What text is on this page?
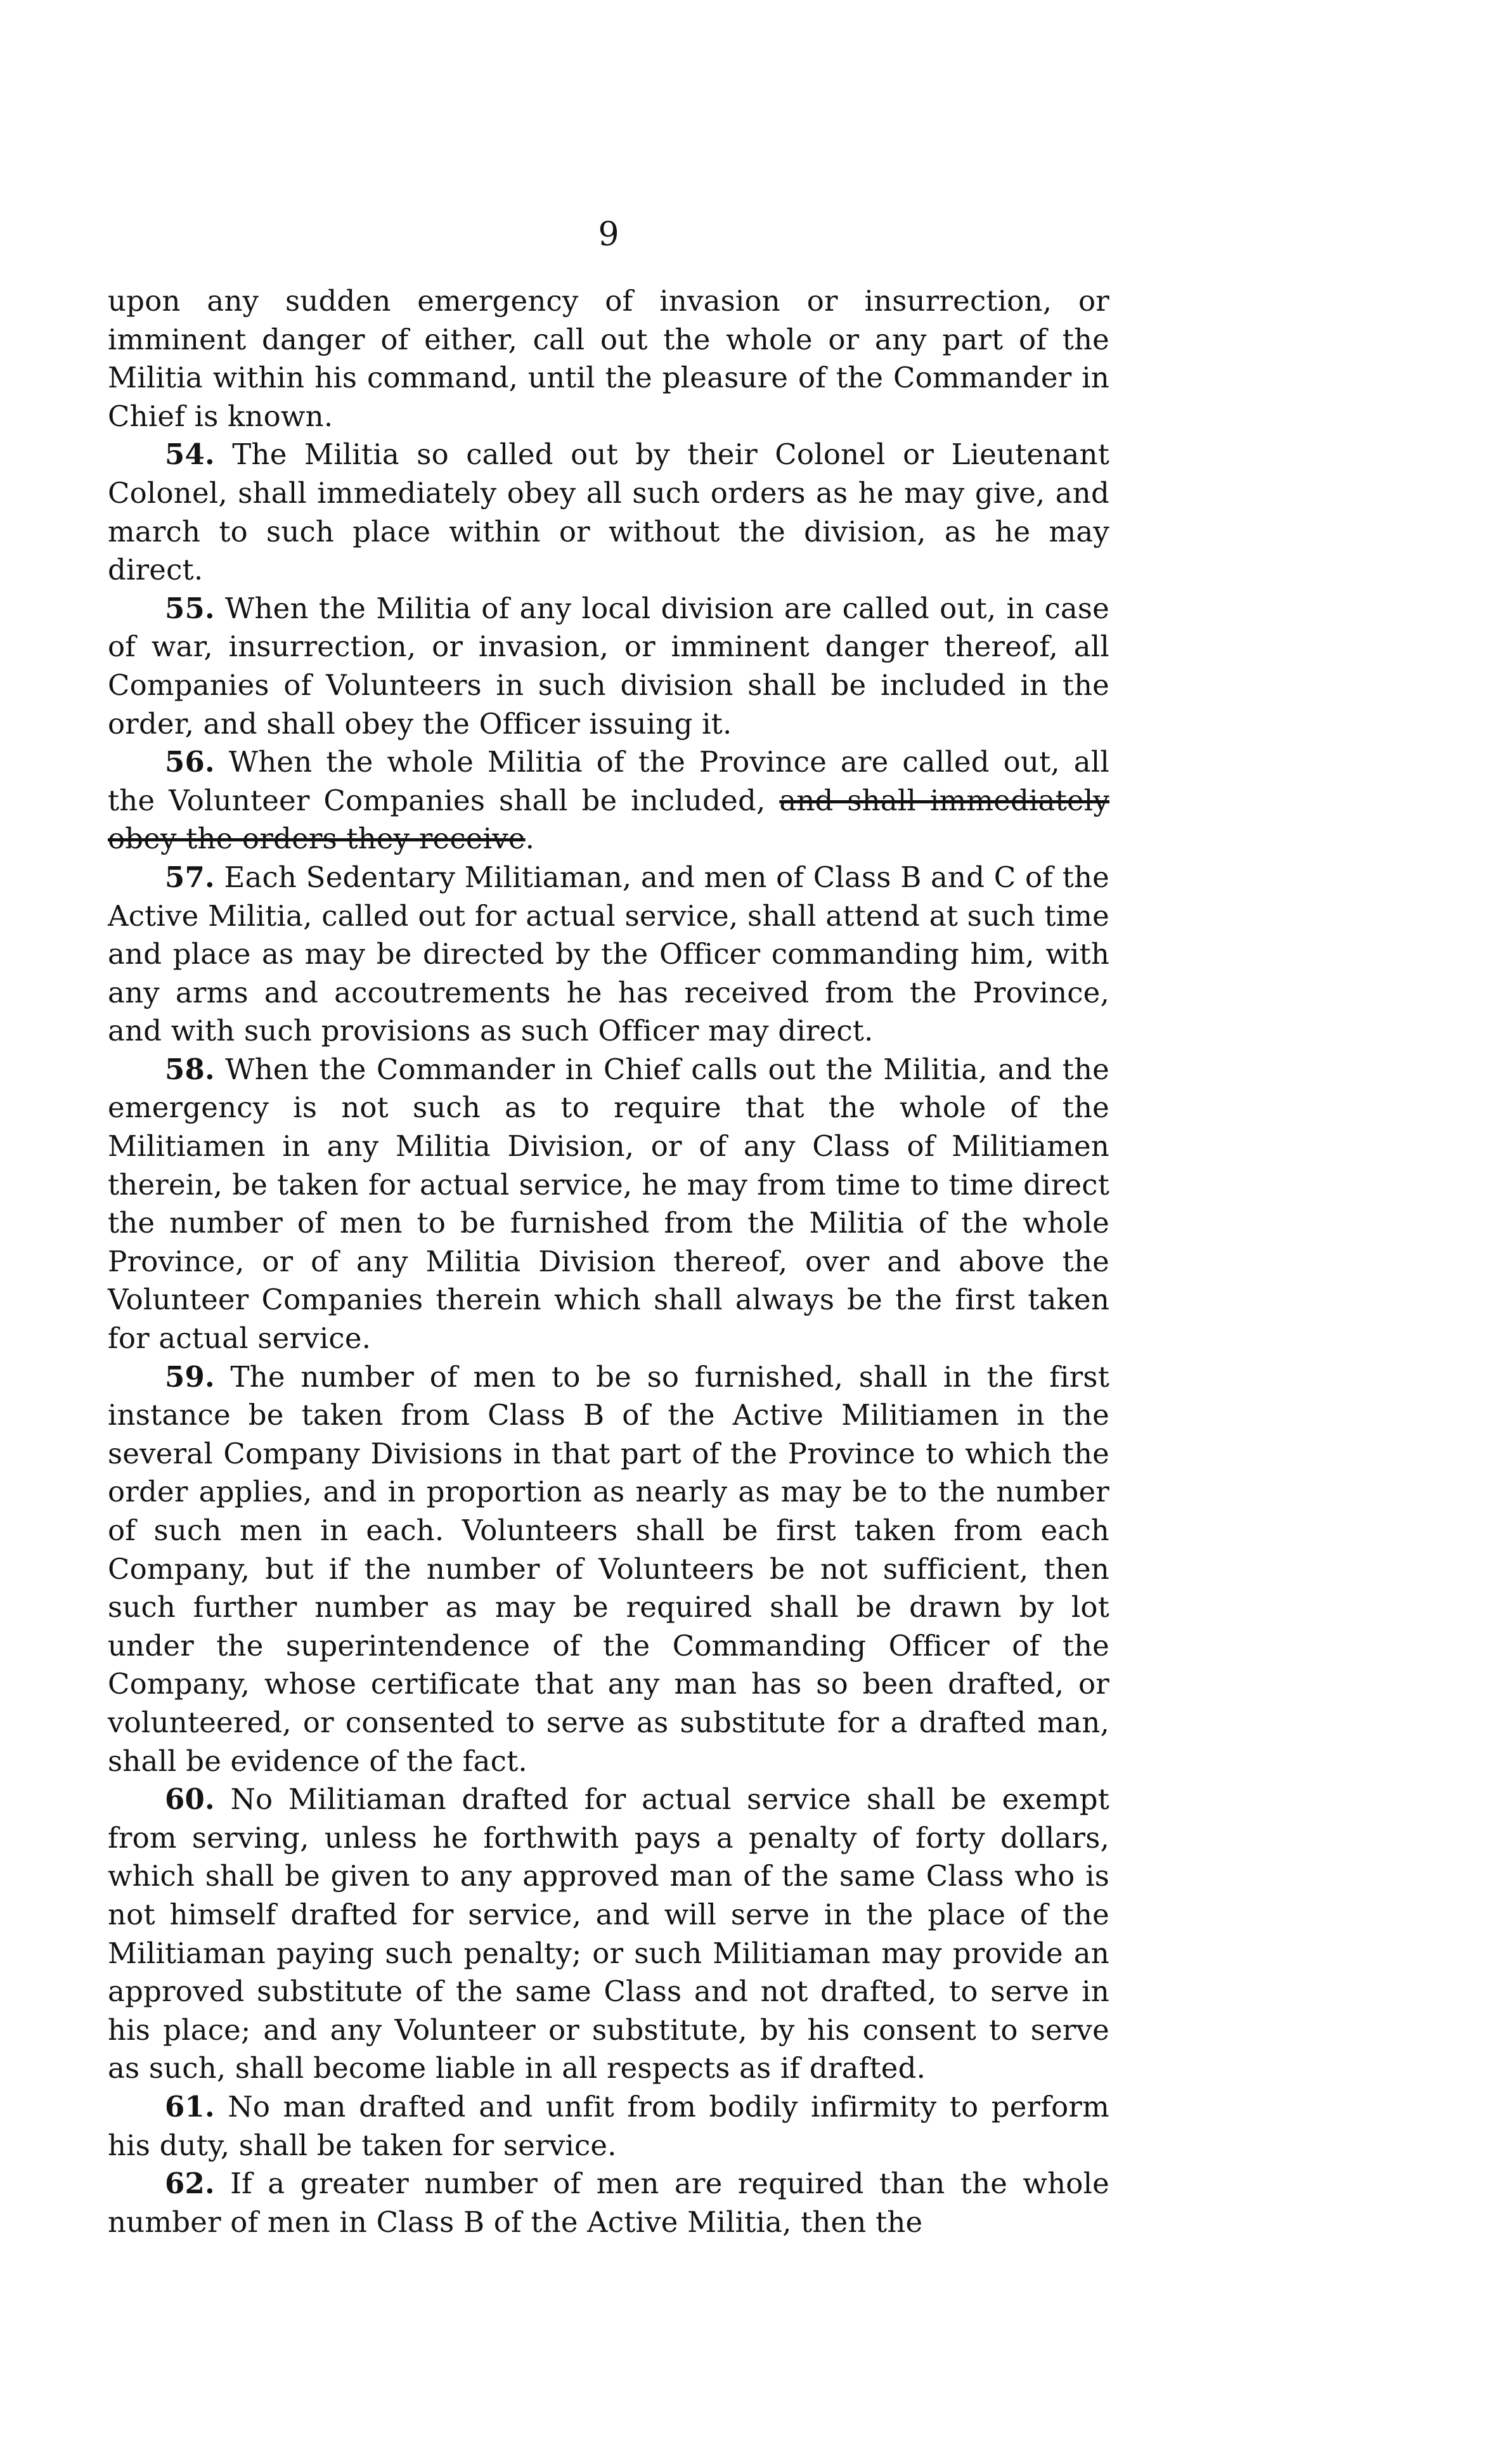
9

upon any sudden emergency of invasion or insurrection, or imminent danger of either, call out the whole or any part of the Militia within his command, until the pleasure of the Commander in Chief is known.

54. The Militia so called out by their Colonel or Lieutenant Colonel, shall immediately obey all such orders as he may give, and march to such place within or without the division, as he may direct.

55. When the Militia of any local division are called out, in case of war, insurrection, or invasion, or imminent danger thereof, all Companies of Volunteers in such division shall be included in the order, and shall obey the Officer issuing it.

56. When the whole Militia of the Province are called out, all the Volunteer Companies shall be included, and shall immediately obey the orders they receive.

57. Each Sedentary Militiaman, and men of Class B and C of the Active Militia, called out for actual service, shall attend at such time and place as may be directed by the Officer commanding him, with any arms and accoutrements he has received from the Province, and with such provisions as such Officer may direct.

58. When the Commander in Chief calls out the Militia, and the emergency is not such as to require that the whole of the Militiamen in any Militia Division, or of any Class of Militiamen therein, be taken for actual service, he may from time to time direct the number of men to be furnished from the Militia of the whole Province, or of any Militia Division thereof, over and above the Volunteer Companies therein which shall always be the first taken for actual service.

59. The number of men to be so furnished, shall in the first instance be taken from Class B of the Active Militiamen in the several Company Divisions in that part of the Province to which the order applies, and in proportion as nearly as may be to the number of such men in each. Volunteers shall be first taken from each Company, but if the number of Volunteers be not sufficient, then such further number as may be required shall be drawn by lot under the superintendence of the Commanding Officer of the Company, whose certificate that any man has so been drafted, or volunteered, or consented to serve as substitute for a drafted man, shall be evidence of the fact.

60. No Militiaman drafted for actual service shall be exempt from serving, unless he forthwith pays a penalty of forty dollars, which shall be given to any approved man of the same Class who is not himself drafted for service, and will serve in the place of the Militiaman paying such penalty; or such Militiaman may provide an approved substitute of the same Class and not drafted, to serve in his place; and any Volunteer or substitute, by his consent to serve as such, shall become liable in all respects as if drafted.

61. No man drafted and unfit from bodily infirmity to perform his duty, shall be taken for service.

62. If a greater number of men are required than the whole number of men in Class B of the Active Militia, then the
